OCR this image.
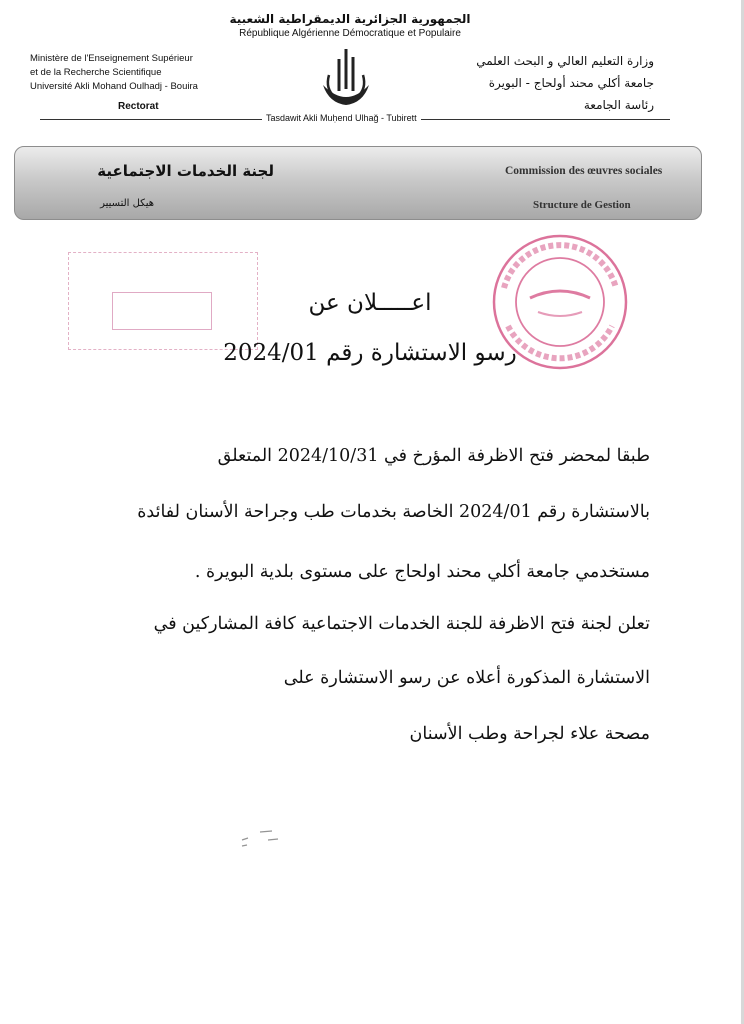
الجمهورية الجزائرية الديمقراطية الشعبية
République Algérienne Démocratique et Populaire
Ministère de l'Enseignement Supérieur
et de la Recherche Scientifique
Université Akli Mohand Oulhadj - Bouira
Rectorat
وزارة التعليم العالي و البحث العلمي
جامعة أكلي محند أولحاج - البويرة
رئاسة الجامعة
Tasdawit Akli Muḥend Ulhağ - Tubirett
لجنة الخدمات الاجتماعية
هيكل التسيير
Commission des œuvres sociales
Structure de Gestion
اعـــــلان عن
رسو الاستشارة رقم 2024/01
طبقا لمحضر فتح الاظرفة المؤرخ في 2024/10/31 المتعلق
بالاستشارة رقم 2024/01 الخاصة بخدمات طب وجراحة الأسنان لفائدة
مستخدمي جامعة أكلي محند اولحاج على مستوى بلدية البويرة .
تعلن لجنة فتح الاظرفة للجنة الخدمات الاجتماعية كافة المشاركين في
الاستشارة المذكورة أعلاه عن رسو الاستشارة على
مصحة علاء لجراحة وطب الأسنان
